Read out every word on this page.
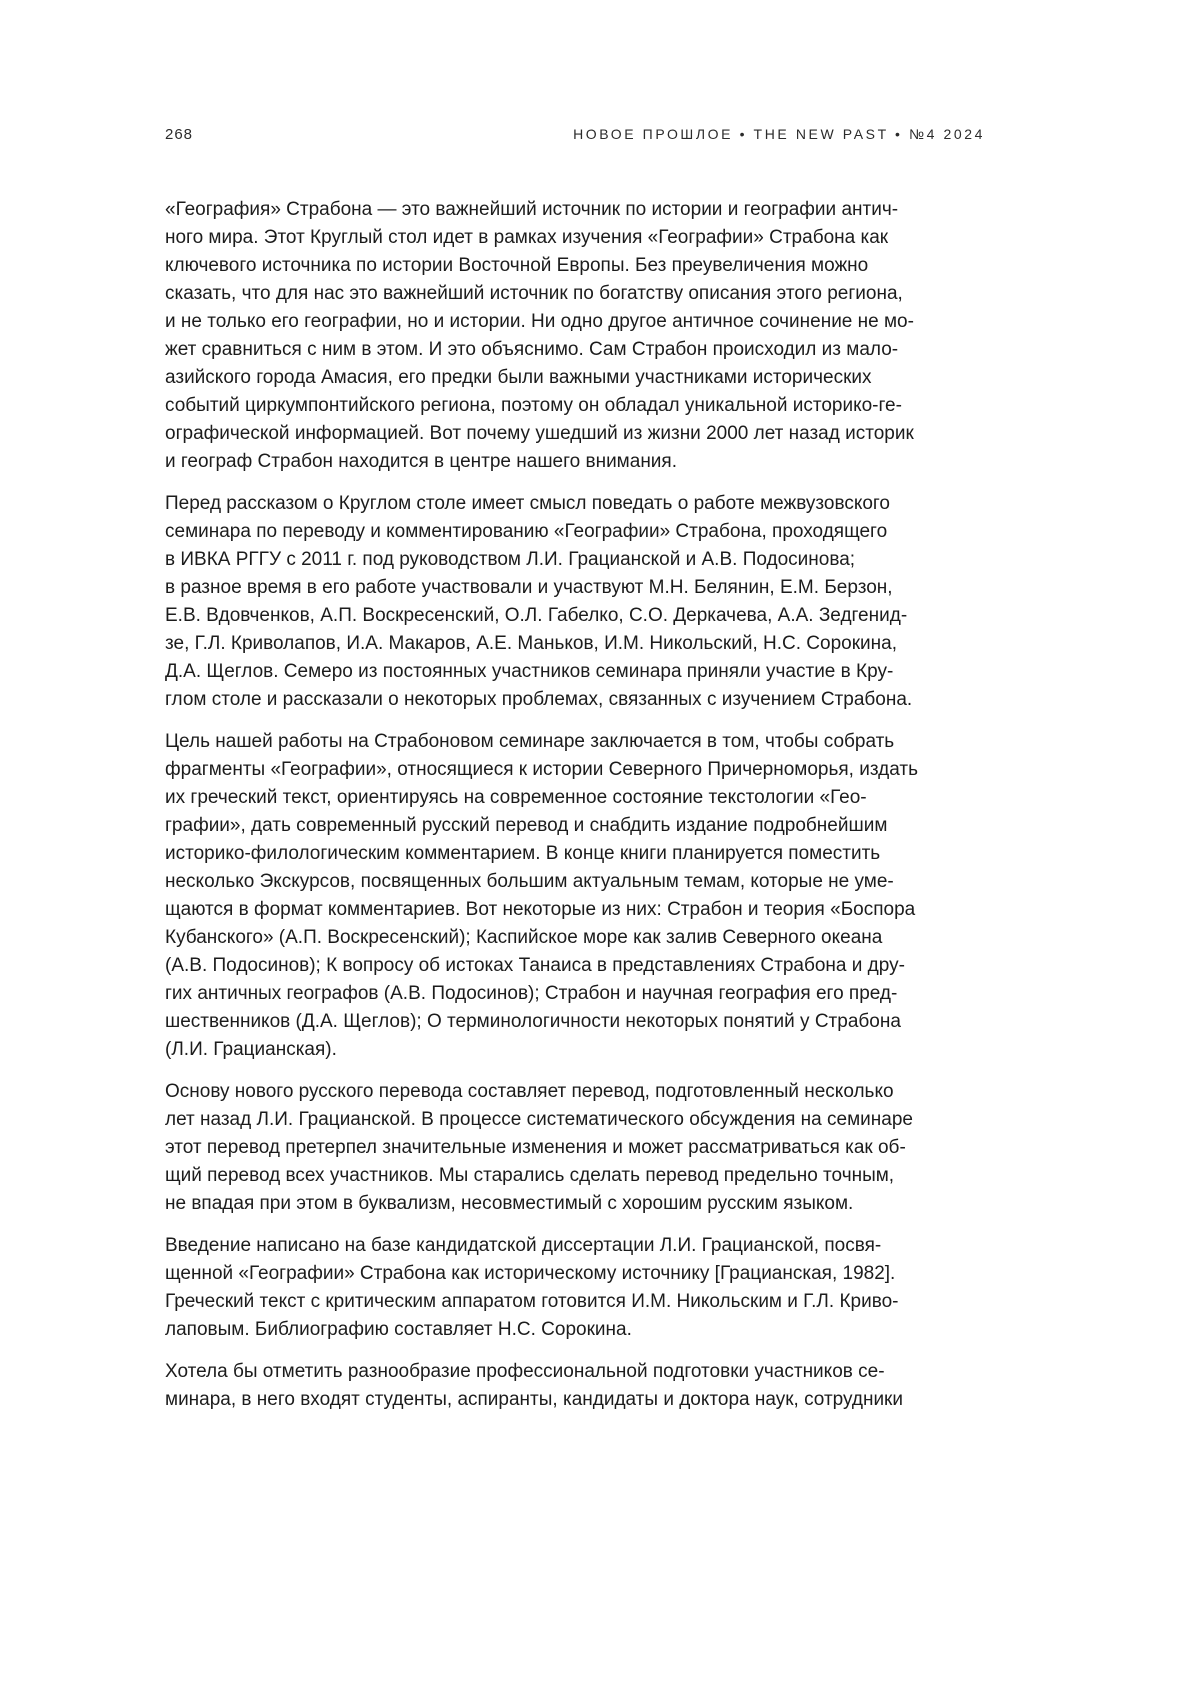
268	НОВОЕ ПРОШЛОЕ • THE NEW PAST • №4 2024

«География» Страбона — это важнейший источник по истории и географии антич-
ного мира. Этот Круглый стол идет в рамках изучения «Географии» Страбона как
ключевого источника по истории Восточной Европы. Без преувеличения можно
сказать, что для нас это важнейший источник по богатству описания этого региона,
и не только его географии, но и истории. Ни одно другое античное сочинение не мо-
жет сравниться с ним в этом. И это объяснимо. Сам Страбон происходил из мало-
азийского города Амасия, его предки были важными участниками исторических
событий циркумпонтийского региона, поэтому он обладал уникальной историко-ге-
ографической информацией. Вот почему ушедший из жизни 2000 лет назад историк
и географ Страбон находится в центре нашего внимания.

Перед рассказом о Круглом столе имеет смысл поведать о работе межвузовского
семинара по переводу и комментированию «Географии» Страбона, проходящего
в ИВКА РГГУ с 2011 г. под руководством Л.И. Грацианской и А.В. Подосинова;
в разное время в его работе участвовали и участвуют М.Н. Белянин, Е.М. Берзон,
Е.В. Вдовченков, А.П. Воскресенский, О.Л. Габелко, С.О. Деркачева, А.А. Зедгенид-
зе, Г.Л. Криволапов, И.А. Макаров, А.Е. Маньков, И.М. Никольский, Н.С. Сорокина,
Д.А. Щеглов. Семеро из постоянных участников семинара приняли участие в Кру-
глом столе и рассказали о некоторых проблемах, связанных с изучением Страбона.

Цель нашей работы на Страбоновом семинаре заключается в том, чтобы собрать
фрагменты «Географии», относящиеся к истории Северного Причерноморья, издать
их греческий текст, ориентируясь на современное состояние текстологии «Гео-
графии», дать современный русский перевод и снабдить издание подробнейшим
историко-филологическим комментарием. В конце книги планируется поместить
несколько Экскурсов, посвященных большим актуальным темам, которые не уме-
щаются в формат комментариев. Вот некоторые из них: Страбон и теория «Боспора
Кубанского» (А.П. Воскресенский); Каспийское море как залив Северного океана
(А.В. Подосинов); К вопросу об истоках Танаиса в представлениях Страбона и дру-
гих античных географов (А.В. Подосинов); Страбон и научная география его пред-
шественников (Д.А. Щеглов); О терминологичности некоторых понятий у Страбона
(Л.И. Грацианская).

Основу нового русского перевода составляет перевод, подготовленный несколько
лет назад Л.И. Грацианской. В процессе систематического обсуждения на семинаре
этот перевод претерпел значительные изменения и может рассматриваться как об-
щий перевод всех участников. Мы старались сделать перевод предельно точным,
не впадая при этом в буквализм, несовместимый с хорошим русским языком.

Введение написано на базе кандидатской диссертации Л.И. Грацианской, посвя-
щенной «Географии» Страбона как историческому источнику [Грацианская, 1982].
Греческий текст с критическим аппаратом готовится И.М. Никольским и Г.Л. Криво-
лаповым. Библиографию составляет Н.С. Сорокина.

Хотела бы отметить разнообразие профессиональной подготовки участников се-
минара, в него входят студенты, аспиранты, кандидаты и доктора наук, сотрудники
